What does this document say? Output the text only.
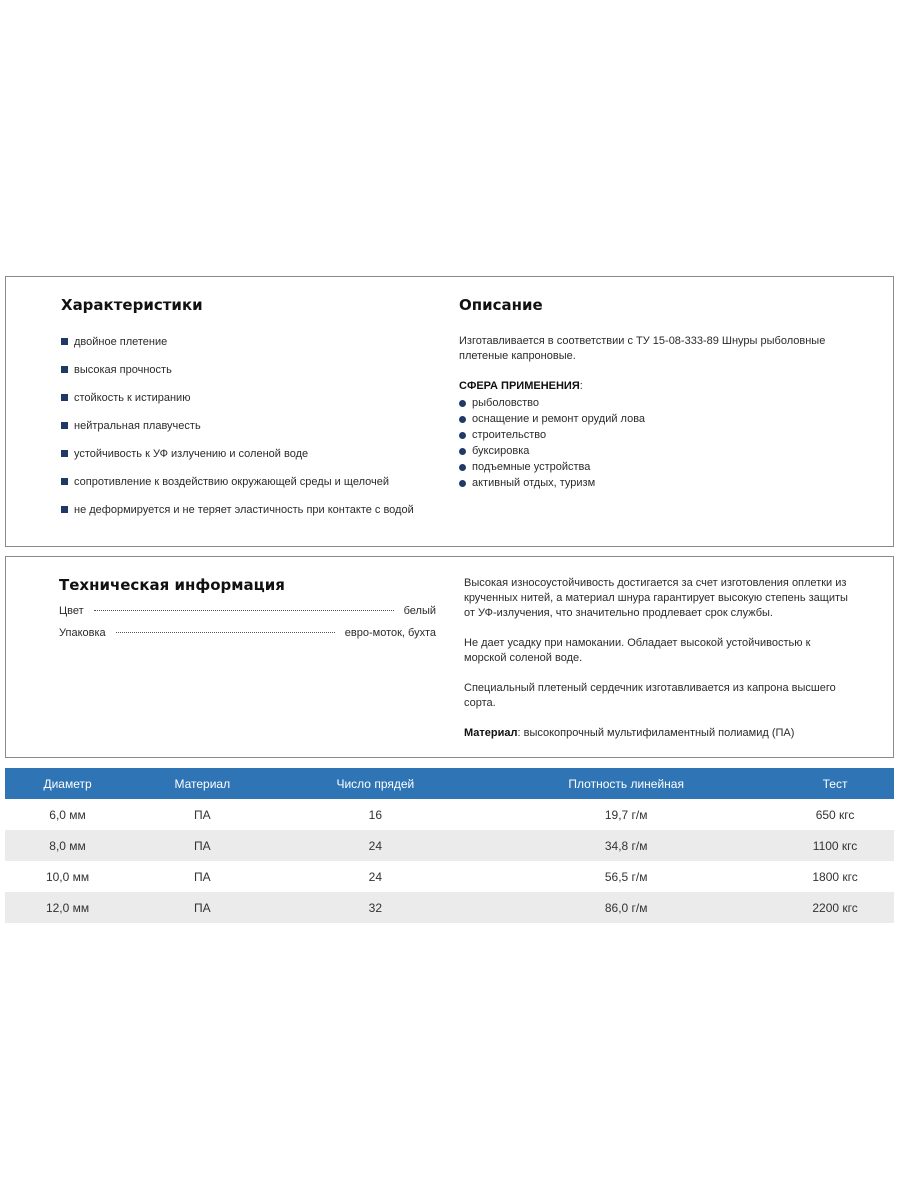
Характеристики
двойное плетение
высокая прочность
стойкость к истиранию
нейтральная плавучесть
устойчивость к УФ излучению и соленой воде
сопротивление к воздействию окружающей среды и щелочей
не деформируется и не теряет эластичность при контакте с водой
Описание

Изготавливается в соответствии с ТУ 15-08-333-89 Шнуры рыболовные плетеные капроновые.

СФЕРА ПРИМЕНЕНИЯ:

рыболовство
оснащение и ремонт орудий лова
строительство
буксировка
подъемные устройства
активный отдых, туризм
Техническая информация
Цвет	белый
Упаковка	евро-моток, бухта

Высокая износоустойчивость достигается за счет изготовления оплетки из крученных нитей, а материал шнура гарантирует высокую степень защиты от УФ-излучения, что значительно продлевает срок службы.

Не дает усадку при намокании. Обладает высокой устойчивостью к морской соленой воде.

Специальный плетеный сердечник изготавливается из капрона высшего сорта.

Материал: высокопрочный мультифиламентный полиамид (ПА)

Диаметр	Материал	Число прядей	Плотность линейная	Тест
6,0 мм	ПА	16	19,7 г/м	650 кгс
8,0 мм	ПА	24	34,8 г/м	1100 кгс
10,0 мм	ПА	24	56,5 г/м	1800 кгс
12,0 мм	ПА	32	86,0 г/м	2200 кгс
